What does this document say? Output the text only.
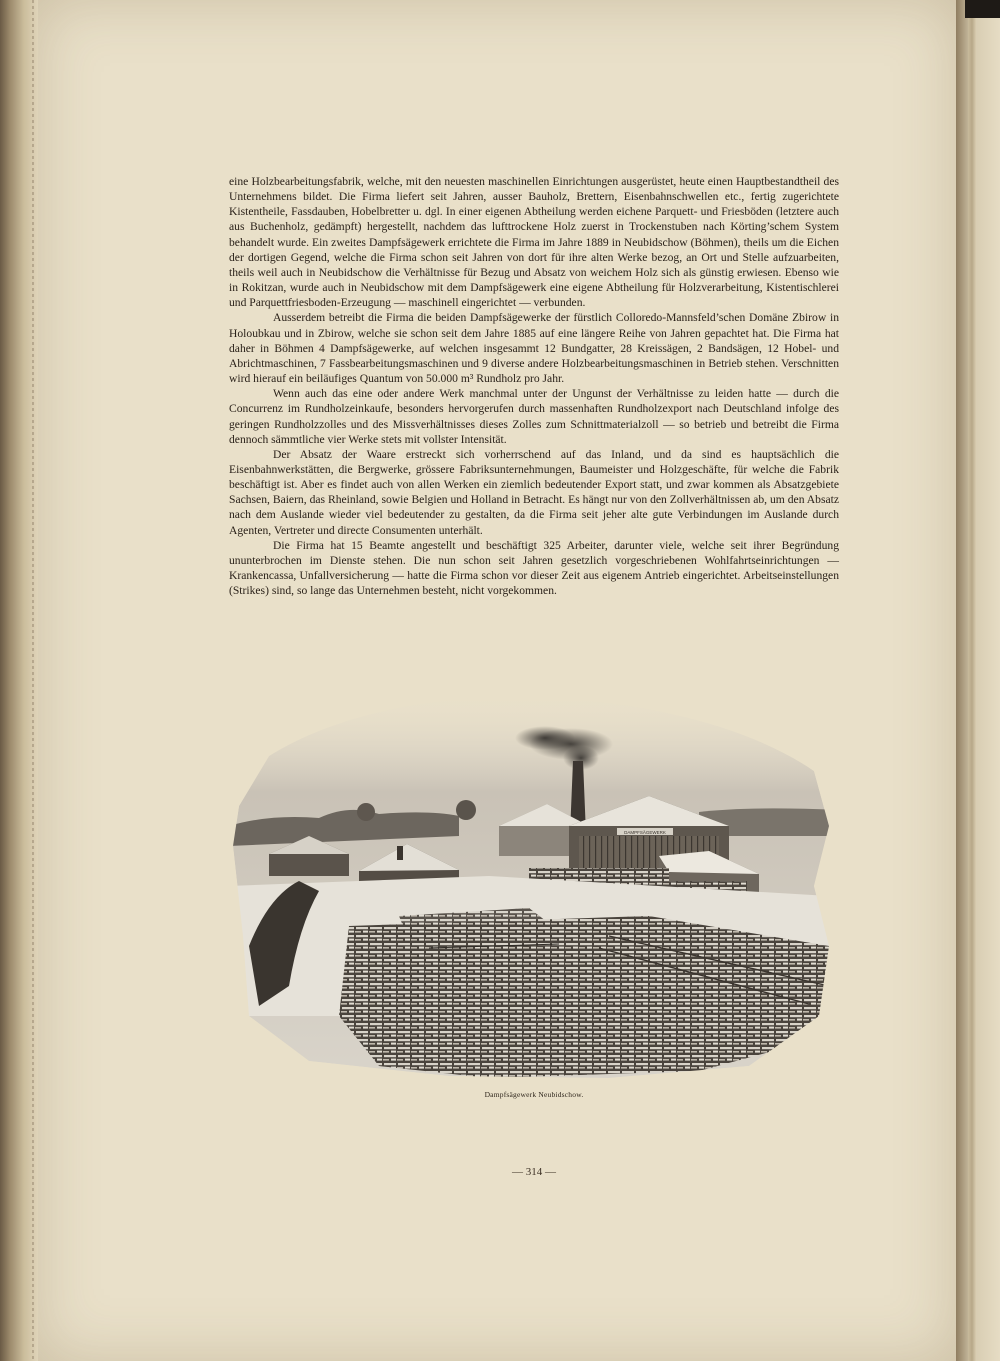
eine Holzbearbeitungsfabrik, welche, mit den neuesten maschinellen Einrichtungen ausgerüstet, heute einen Hauptbestandtheil des Unternehmens bildet. Die Firma liefert seit Jahren, ausser Bauholz, Brettern, Eisenbahnschwellen etc., fertig zugerichtete Kistentheile, Fassdauben, Hobelbretter u. dgl. In einer eigenen Abtheilung werden eichene Parquett- und Friesböden (letztere auch aus Buchenholz, gedämpft) hergestellt, nachdem das lufttrockene Holz zuerst in Trockenstuben nach Körting’schem System behandelt wurde. Ein zweites Dampfsägewerk errichtete die Firma im Jahre 1889 in Neubidschow (Böhmen), theils um die Eichen der dortigen Gegend, welche die Firma schon seit Jahren von dort für ihre alten Werke bezog, an Ort und Stelle aufzuarbeiten, theils weil auch in Neubidschow die Verhältnisse für Bezug und Absatz von weichem Holz sich als günstig erwiesen. Ebenso wie in Rokitzan, wurde auch in Neubidschow mit dem Dampfsägewerk eine eigene Abtheilung für Holzverarbeitung, Kistentischlerei und Parquettfriesboden-Erzeugung — maschinell eingerichtet — verbunden.

Ausserdem betreibt die Firma die beiden Dampfsägewerke der fürstlich Colloredo-Mannsfeld’schen Domäne Zbirow in Holoubkau und in Zbirow, welche sie schon seit dem Jahre 1885 auf eine längere Reihe von Jahren gepachtet hat. Die Firma hat daher in Böhmen 4 Dampfsägewerke, auf welchen insgesammt 12 Bundgatter, 28 Kreissägen, 2 Bandsägen, 12 Hobel- und Abrichtmaschinen, 7 Fassbearbeitungsmaschinen und 9 diverse andere Holzbearbeitungsmaschinen in Betrieb stehen. Verschnitten wird hierauf ein beiläufiges Quantum von 50.000 m³ Rundholz pro Jahr.

Wenn auch das eine oder andere Werk manchmal unter der Ungunst der Verhältnisse zu leiden hatte — durch die Concurrenz im Rundholzeinkaufe, besonders hervorgerufen durch massenhaften Rundholzexport nach Deutschland infolge des geringen Rundholzzolles und des Missverhältnisses dieses Zolles zum Schnittmaterialzoll — so betrieb und betreibt die Firma dennoch sämmtliche vier Werke stets mit vollster Intensität.

Der Absatz der Waare erstreckt sich vorherrschend auf das Inland, und da sind es hauptsächlich die Eisenbahnwerkstätten, die Bergwerke, grössere Fabriksunternehmungen, Baumeister und Holzgeschäfte, für welche die Fabrik beschäftigt ist. Aber es findet auch von allen Werken ein ziemlich bedeutender Export statt, und zwar kommen als Absatzgebiete Sachsen, Baiern, das Rheinland, sowie Belgien und Holland in Betracht. Es hängt nur von den Zollverhältnissen ab, um den Absatz nach dem Auslande wieder viel bedeutender zu gestalten, da die Firma seit jeher alte gute Verbindungen im Auslande durch Agenten, Vertreter und directe Consumenten unterhält.

Die Firma hat 15 Beamte angestellt und beschäftigt 325 Arbeiter, darunter viele, welche seit ihrer Begründung ununterbrochen im Dienste stehen. Die nun schon seit Jahren gesetzlich vorgeschriebenen Wohlfahrtseinrichtungen — Krankencassa, Unfallversicherung — hatte die Firma schon vor dieser Zeit aus eigenem Antrieb eingerichtet. Arbeitseinstellungen (Strikes) sind, so lange das Unternehmen besteht, nicht vorgekommen.

DAMPFSÄGEWERK
Dampfsägewerk Neubidschow.
— 314 —
